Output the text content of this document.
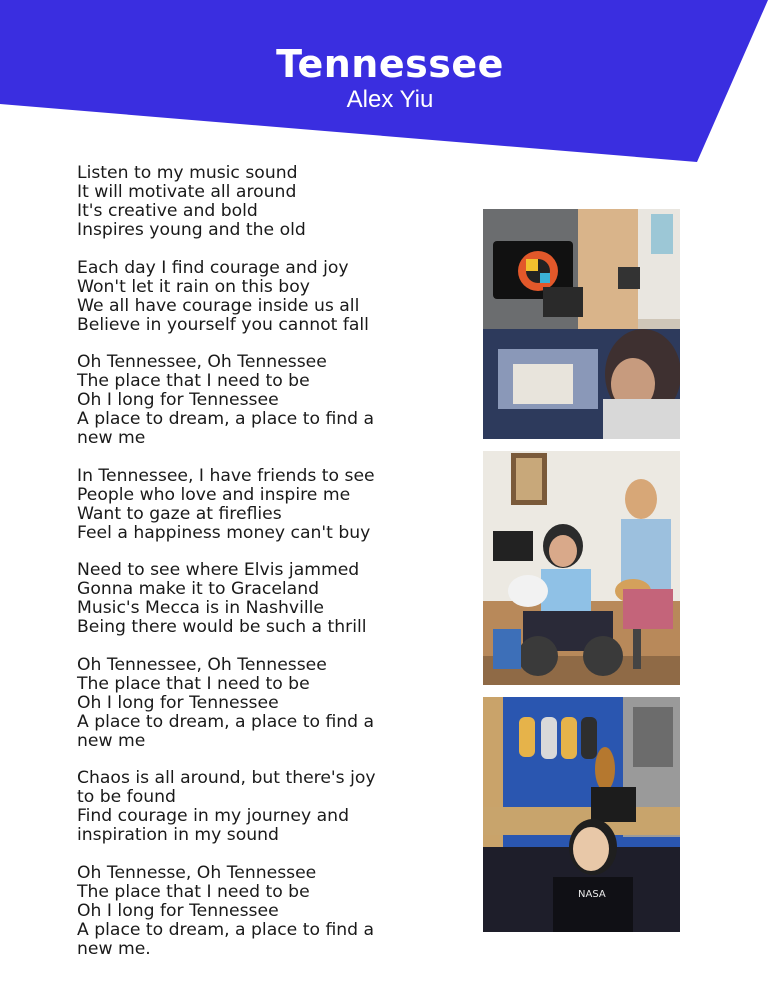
Tennessee
Alex Yiu
Listen to my music sound
It will motivate all around
It's creative and bold
Inspires young and the old
Each day I find courage and joy
Won't let it rain on this boy
We all have courage inside us all
Believe in yourself you cannot fall
Oh Tennessee, Oh Tennessee
The place that I need to be
Oh I long for Tennessee
A place to dream, a place to find a
new me
In Tennessee, I have friends to see
People who love and inspire me
Want to gaze at fireflies
Feel a happiness money can't buy
Need to see where Elvis jammed
Gonna make it to Graceland
Music's Mecca is in Nashville
Being there would be such a thrill
Oh Tennessee, Oh Tennessee
The place that I need to be
Oh I long for Tennessee
A place to dream, a place to find a
new me
Chaos is all around, but there's joy
to be found
Find courage in my journey and
inspiration in my sound
Oh Tennesse, Oh Tennessee
The place that I need to be
Oh I long for Tennessee
A place to dream, a place to find a
new me.
NASA
